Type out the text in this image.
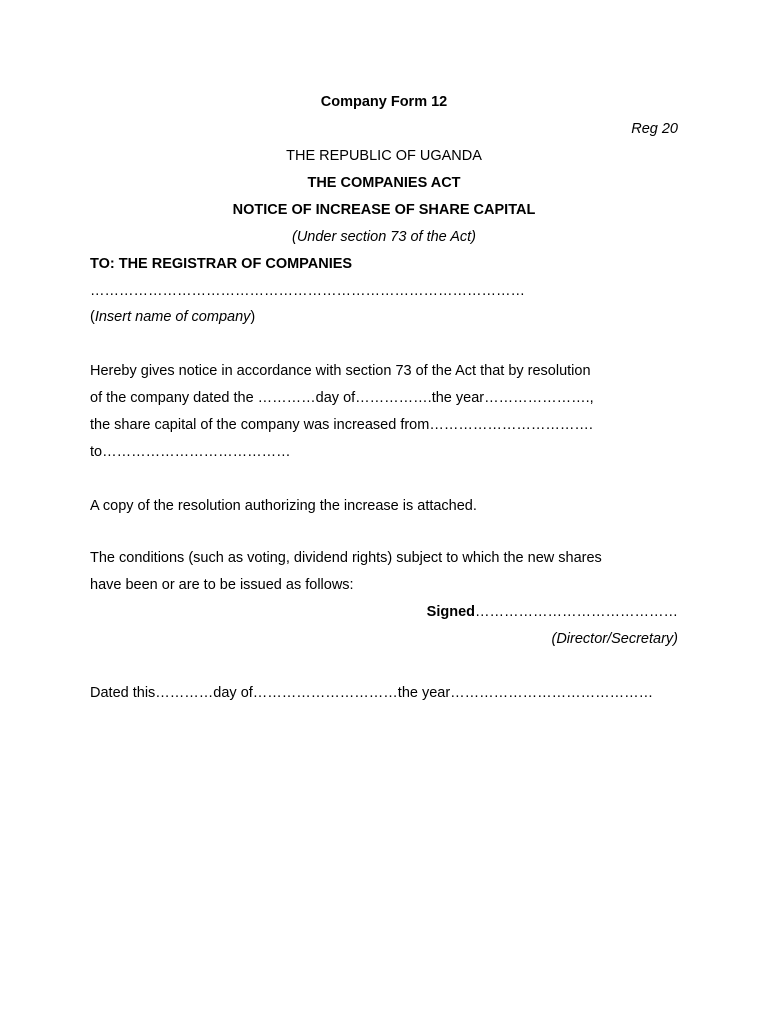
Company Form 12
Reg 20
THE REPUBLIC OF UGANDA
THE COMPANIES ACT
NOTICE OF INCREASE OF SHARE CAPITAL
(Under section 73 of the Act)
TO: THE REGISTRAR OF COMPANIES
………………………………………………………………………………
(Insert name of company)
Hereby gives notice in accordance with section 73 of the Act that by resolution
of the company dated the …………day of…………….the year………………….,
the share capital of the company was increased from…………………………….
to…………………………………
A copy of the resolution authorizing the increase is attached.
The conditions (such as voting, dividend rights) subject to which the new shares
have been or are to be issued as follows:
Signed……………………………………
(Director/Secretary)
Dated this…………day of…………………………the year……………………………………
